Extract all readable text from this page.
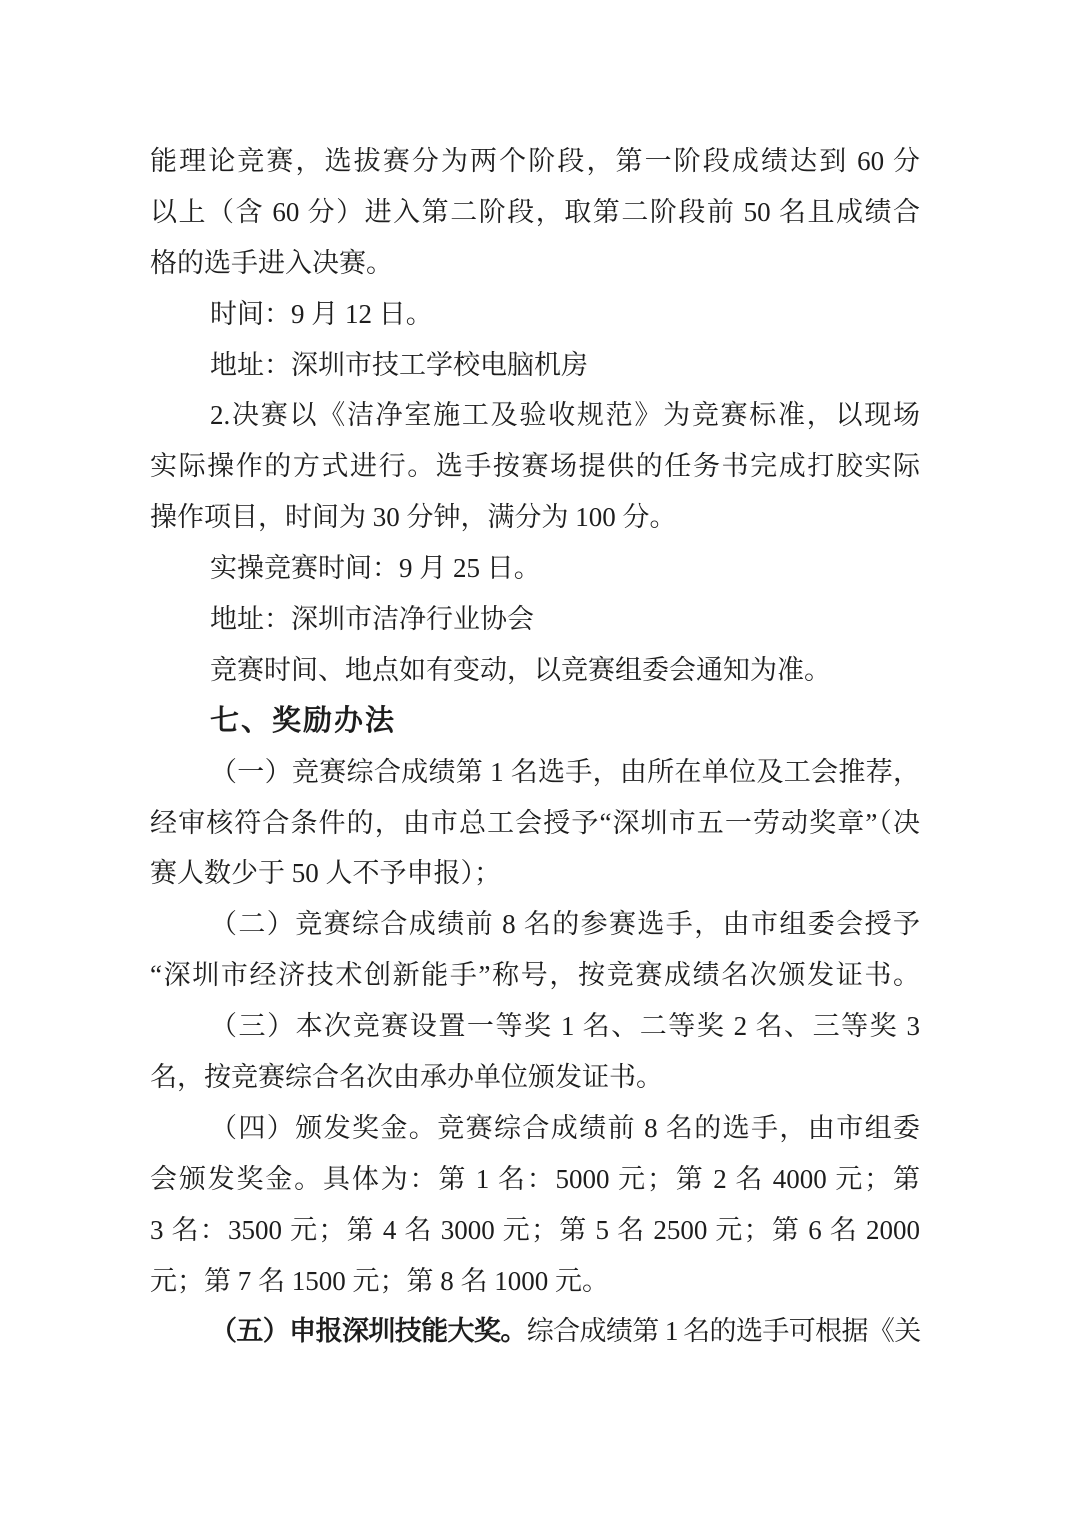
能理论竞赛，选拔赛分为两个阶段，第一阶段成绩达到 60 分
以上（含 60 分）进入第二阶段，取第二阶段前 50 名且成绩合
格的选手进入决赛。
时间：9 月 12 日。
地址：深圳市技工学校电脑机房
2.决赛以《洁净室施工及验收规范》为竞赛标准，以现场
实际操作的方式进行。选手按赛场提供的任务书完成打胶实际
操作项目，时间为 30 分钟，满分为 100 分。
实操竞赛时间：9 月 25 日。
地址：深圳市洁净行业协会
竞赛时间、地点如有变动，以竞赛组委会通知为准。
七、奖励办法
（一）竞赛综合成绩第 1 名选手，由所在单位及工会推荐，
经审核符合条件的，由市总工会授予“深圳市五一劳动奖章”（决
赛人数少于 50 人不予申报）；
（二）竞赛综合成绩前 8 名的参赛选手，由市组委会授予
“深圳市经济技术创新能手”称号，按竞赛成绩名次颁发证书。
（三）本次竞赛设置一等奖 1 名、二等奖 2 名、三等奖 3
名，按竞赛综合名次由承办单位颁发证书。
（四）颁发奖金。竞赛综合成绩前 8 名的选手，由市组委
会颁发奖金。具体为：第 1 名：5000 元；第 2 名 4000 元；第
3 名：3500 元；第 4 名 3000 元；第 5 名 2500 元；第 6 名 2000
元；第 7 名 1500 元；第 8 名 1000 元。
（五）申报深圳技能大奖。综合成绩第 1 名的选手可根据《关
